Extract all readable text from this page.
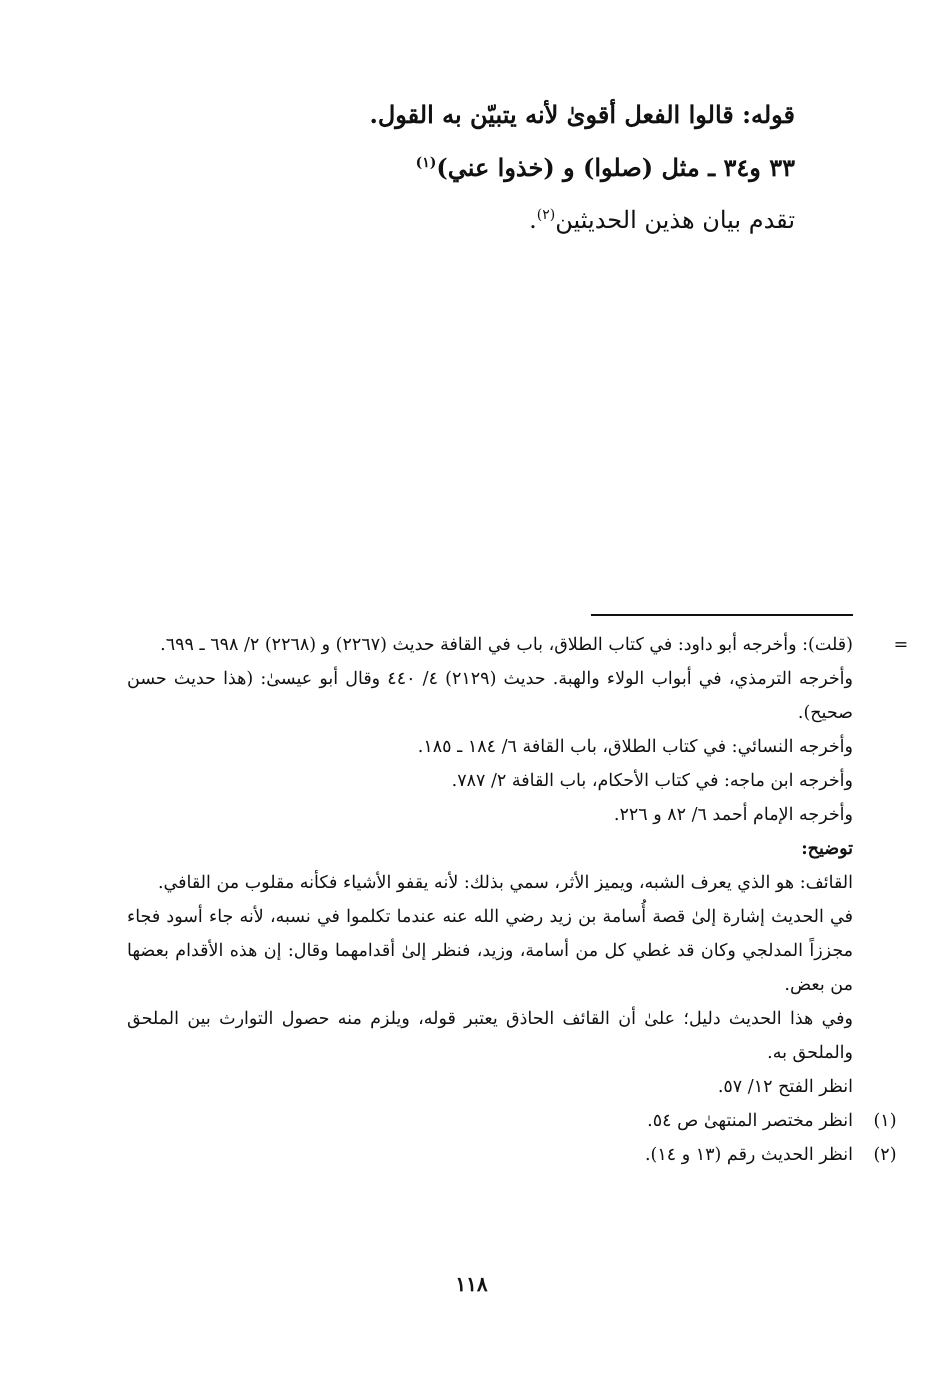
قوله: قالوا الفعل أقوىٰ لأنه يتبيّن به القول.
٣٣ و٣٤ ـ مثل (صلوا) و (خذوا عني)$^{(١)}$
تقدم بيان هذين الحديثين$^{(٢)}$.
=

(قلت): وأخرجه أبو داود: في كتاب الطلاق، باب في القافة حديث (٢٢٦٧) و (٢٢٦٨) ٢/ ٦٩٨ ـ ٦٩٩.

وأخرجه الترمذي، في أبواب الولاء والهبة. حديث (٢١٢٩) ٤/ ٤٤٠ وقال أبو عيسىٰ: (هذا حديث حسن صحيح).

وأخرجه النسائي: في كتاب الطلاق، باب القافة ٦/ ١٨٤ ـ ١٨٥.

وأخرجه ابن ماجه: في كتاب الأحكام، باب القافة ٢/ ٧٨٧.

وأخرجه الإمام أحمد ٦/ ٨٢ و ٢٢٦.

توضيح:

القائف: هو الذي يعرف الشبه، ويميز الأثر، سمي بذلك: لأنه يقفو الأشياء فكأنه مقلوب من القافي.

في الحديث إشارة إلىٰ قصة أُسامة بن زيد رضي الله عنه عندما تكلموا في نسبه، لأنه جاء أسود فجاء مجززاً المدلجي وكان قد غطي كل من أسامة، وزيد، فنظر إلىٰ أقدامهما وقال: إن هذه الأقدام بعضها من بعض.

وفي هذا الحديث دليل؛ علىٰ أن القائف الحاذق يعتبر قوله، ويلزم منه حصول التوارث بين الملحق والملحق به.

انظر الفتح ١٢/ ٥٧.

(١)
انظر مختصر المنتهىٰ ص ٥٤.
(٢)
انظر الحديث رقم (١٣ و ١٤).
١١٨
